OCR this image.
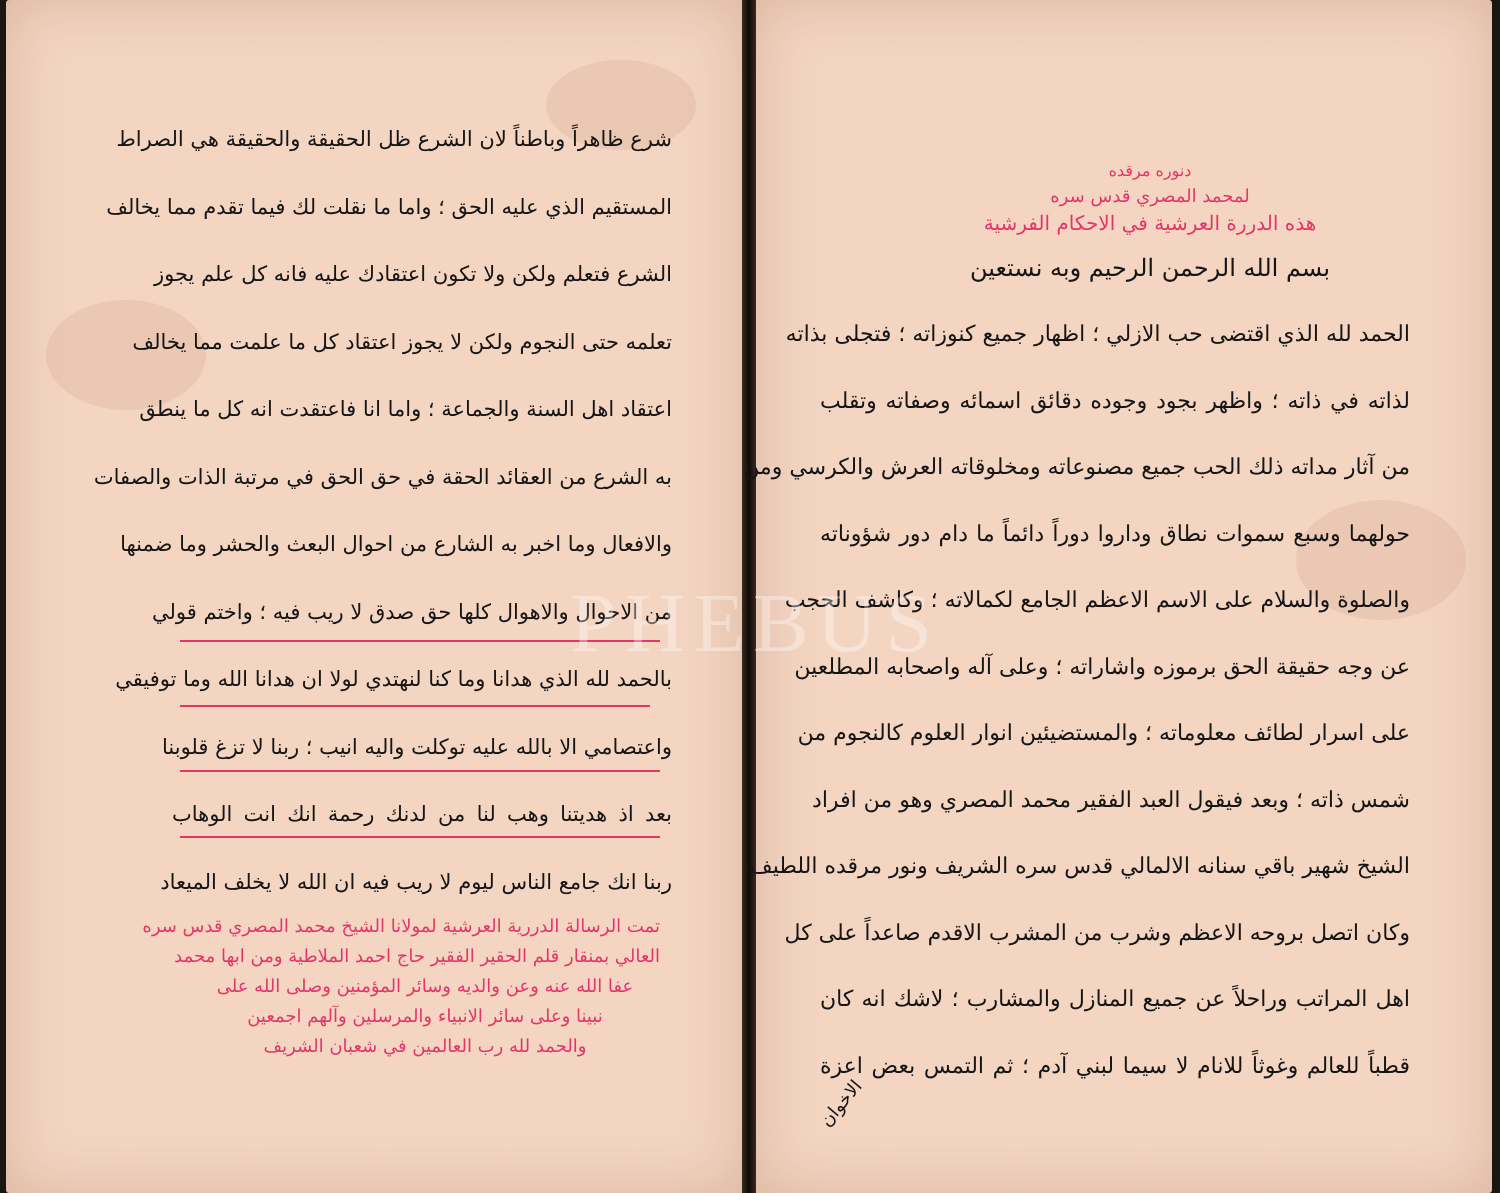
شرع ظاهراً وباطناً لان الشرع ظل الحقيقة والحقيقة هي الصراط
المستقيم الذي عليه الحق ؛ واما ما نقلت لك فيما تقدم مما يخالف
الشرع فتعلم ولكن ولا تكون اعتقادك عليه فانه كل علم يجوز
تعلمه حتى النجوم ولكن لا يجوز اعتقاد كل ما علمت مما يخالف
اعتقاد اهل السنة والجماعة ؛ واما انا فاعتقدت انه كل ما ينطق
به الشرع من العقائد الحقة في حق الحق في مرتبة الذات والصفات
والافعال وما اخبر به الشارع من احوال البعث والحشر وما ضمنها
من الاحوال والاهوال كلها حق صدق لا ريب فيه ؛ واختم قولي
بالحمد لله الذي هدانا وما كنا لنهتدي لولا ان هدانا الله وما توفيقي
واعتصامي الا بالله عليه توكلت واليه انيب ؛ ربنا لا تزغ قلوبنا
بعد اذ هديتنا وهب لنا من لدنك رحمة انك انت الوهاب
ربنا انك جامع الناس ليوم لا ريب فيه ان الله لا يخلف الميعاد
تمت الرسالة الدررية العرشية لمولانا الشيخ محمد المصري قدس سره
العالي بمنقار قلم الحقير الفقير حاج احمد الملاطية ومن ابها محمد
عفا الله عنه وعن والديه وسائر المؤمنين وصلى الله على
نبينا وعلى سائر الانبياء والمرسلين وآلهم اجمعين
والحمد لله رب العالمين في شعبان الشريف
دنوره مرقده
لمحمد المصري قدس سره
هذه الدررة العرشية في الاحكام الفرشية
بسم الله الرحمن الرحيم وبه نستعين
الحمد لله الذي اقتضى حب الازلي ؛ اظهار جميع كنوزاته ؛ فتجلى بذاته
لذاته في ذاته ؛ واظهر بجود وجوده دقائق اسمائه وصفاته وتقلب
من آثار مداته ذلك الحب جميع مصنوعاته ومخلوقاته العرش والكرسي ومن
حولهما وسبع سموات نطاق وداروا دوراً دائماً ما دام دور شؤوناته
والصلوة والسلام على الاسم الاعظم الجامع لكمالاته ؛ وكاشف الحجب
عن وجه حقيقة الحق برموزه واشاراته ؛ وعلى آله واصحابه المطلعين
على اسرار لطائف معلوماته ؛ والمستضيئين انوار العلوم كالنجوم من
شمس ذاته ؛ وبعد فيقول العبد الفقير محمد المصري وهو من افراد
الشيخ شهير باقي سنانه الالمالي قدس سره الشريف ونور مرقده اللطيف
وكان اتصل بروحه الاعظم وشرب من المشرب الاقدم صاعداً على كل
اهل المراتب وراحلاً عن جميع المنازل والمشارب ؛ لاشك انه كان
قطباً للعالم وغوثاً للانام لا سيما لبني آدم ؛ ثم التمس بعض اعزة
الاخوان
PHEBUS
